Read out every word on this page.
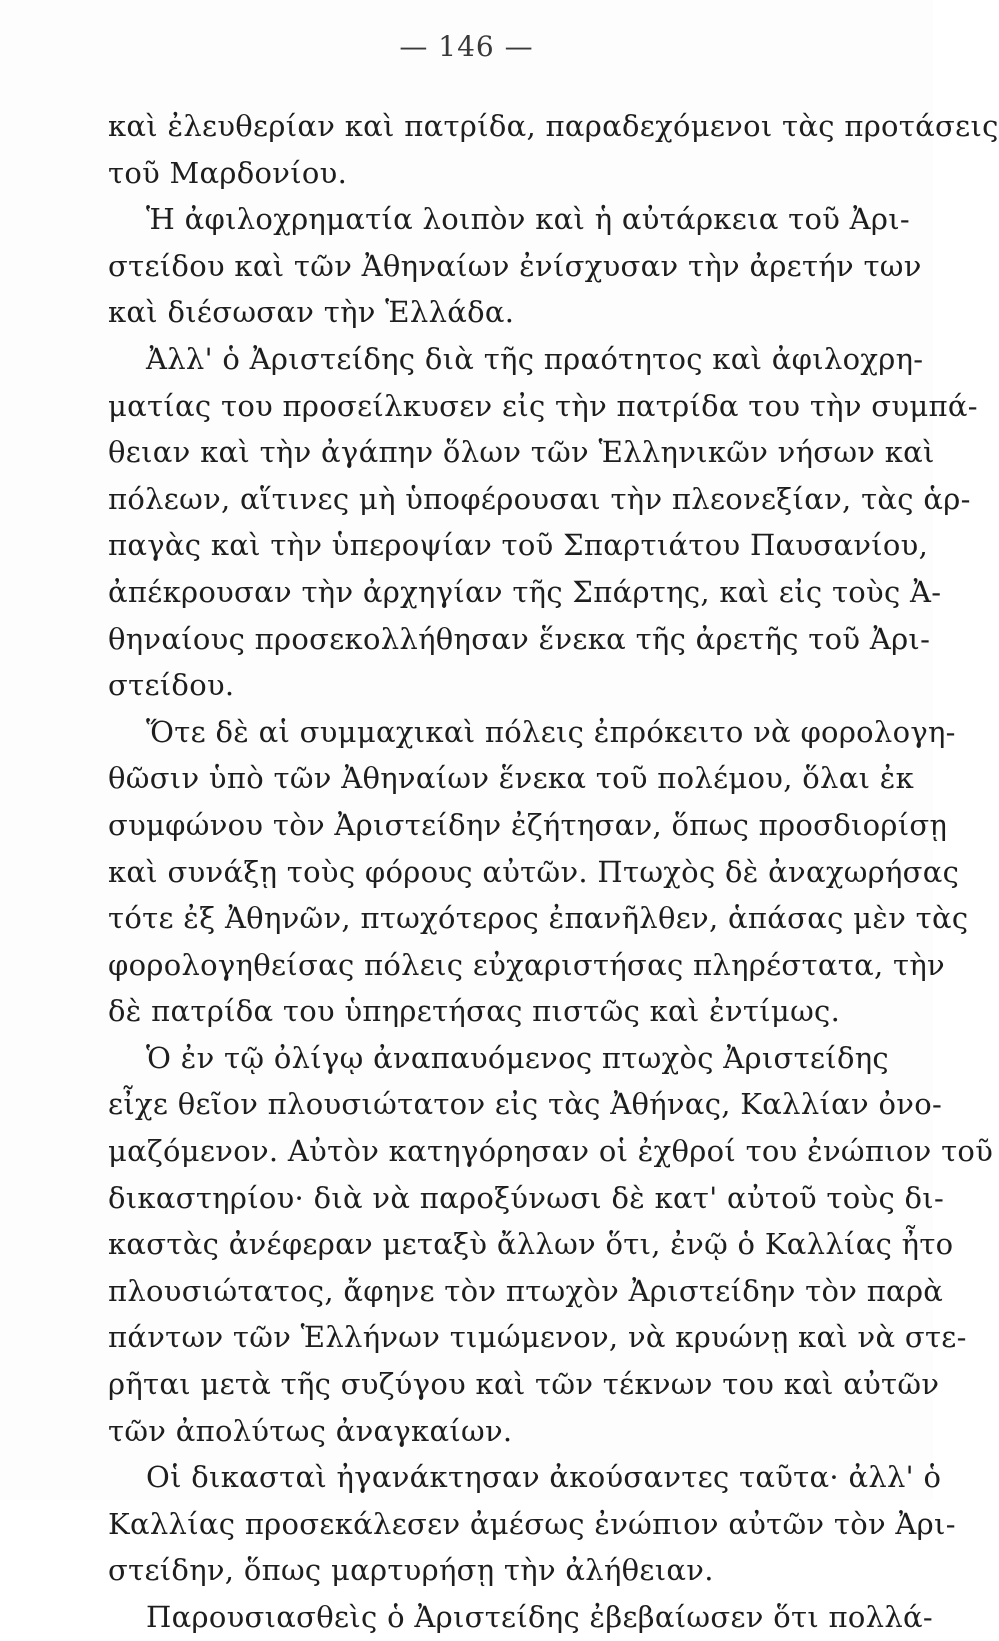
— 146 —
καὶ ἐλευθερίαν καὶ πατρίδα, παραδεχόμενοι τὰς προτάσεις
τοῦ Μαρδονίου.
Ἡ ἀφιλοχρηματία λοιπὸν καὶ ἡ αὐτάρκεια τοῦ Ἀρι-
στείδου καὶ τῶν Ἀθηναίων ἐνίσχυσαν τὴν ἀρετήν των
καὶ διέσωσαν τὴν Ἑλλάδα.
Ἀλλ' ὁ Ἀριστείδης διὰ τῆς πραότητος καὶ ἀφιλοχρη-
ματίας του προσείλκυσεν εἰς τὴν πατρίδα του τὴν συμπά-
θειαν καὶ τὴν ἀγάπην ὅλων τῶν Ἑλληνικῶν νήσων καὶ
πόλεων, αἵτινες μὴ ὑποφέρουσαι τὴν πλεονεξίαν, τὰς ἁρ-
παγὰς καὶ τὴν ὑπεροψίαν τοῦ Σπαρτιάτου Παυσανίου,
ἀπέκρουσαν τὴν ἀρχηγίαν τῆς Σπάρτης, καὶ εἰς τοὺς Ἀ-
θηναίους προσεκολλήθησαν ἕνεκα τῆς ἀρετῆς τοῦ Ἀρι-
στείδου.
Ὅτε δὲ αἱ συμμαχικαὶ πόλεις ἐπρόκειτο νὰ φορολογη-
θῶσιν ὑπὸ τῶν Ἀθηναίων ἕνεκα τοῦ πολέμου, ὅλαι ἐκ
συμφώνου τὸν Ἀριστείδην ἐζήτησαν, ὅπως προσδιορίσῃ
καὶ συνάξῃ τοὺς φόρους αὐτῶν. Πτωχὸς δὲ ἀναχωρήσας
τότε ἐξ Ἀθηνῶν, πτωχότερος ἐπανῆλθεν, ἁπάσας μὲν τὰς
φορολογηθείσας πόλεις εὐχαριστήσας πληρέστατα, τὴν
δὲ πατρίδα του ὑπηρετήσας πιστῶς καὶ ἐντίμως.
Ὁ ἐν τῷ ὀλίγῳ ἀναπαυόμενος πτωχὸς Ἀριστείδης
εἶχε θεῖον πλουσιώτατον εἰς τὰς Ἀθήνας, Καλλίαν ὀνο-
μαζόμενον. Αὐτὸν κατηγόρησαν οἱ ἐχθροί του ἐνώπιον τοῦ
δικαστηρίου· διὰ νὰ παροξύνωσι δὲ κατ' αὐτοῦ τοὺς δι-
καστὰς ἀνέφεραν μεταξὺ ἄλλων ὅτι, ἐνῷ ὁ Καλλίας ἦτο
πλουσιώτατος, ἄφηνε τὸν πτωχὸν Ἀριστείδην τὸν παρὰ
πάντων τῶν Ἑλλήνων τιμώμενον, νὰ κρυώνῃ καὶ νὰ στε-
ρῆται μετὰ τῆς συζύγου καὶ τῶν τέκνων του καὶ αὐτῶν
τῶν ἀπολύτως ἀναγκαίων.
Οἱ δικασταὶ ἠγανάκτησαν ἀκούσαντες ταῦτα· ἀλλ' ὁ
Καλλίας προσεκάλεσεν ἀμέσως ἐνώπιον αὐτῶν τὸν Ἀρι-
στείδην, ὅπως μαρτυρήσῃ τὴν ἀλήθειαν.
Παρουσιασθεὶς ὁ Ἀριστείδης ἐβεβαίωσεν ὅτι πολλά-
